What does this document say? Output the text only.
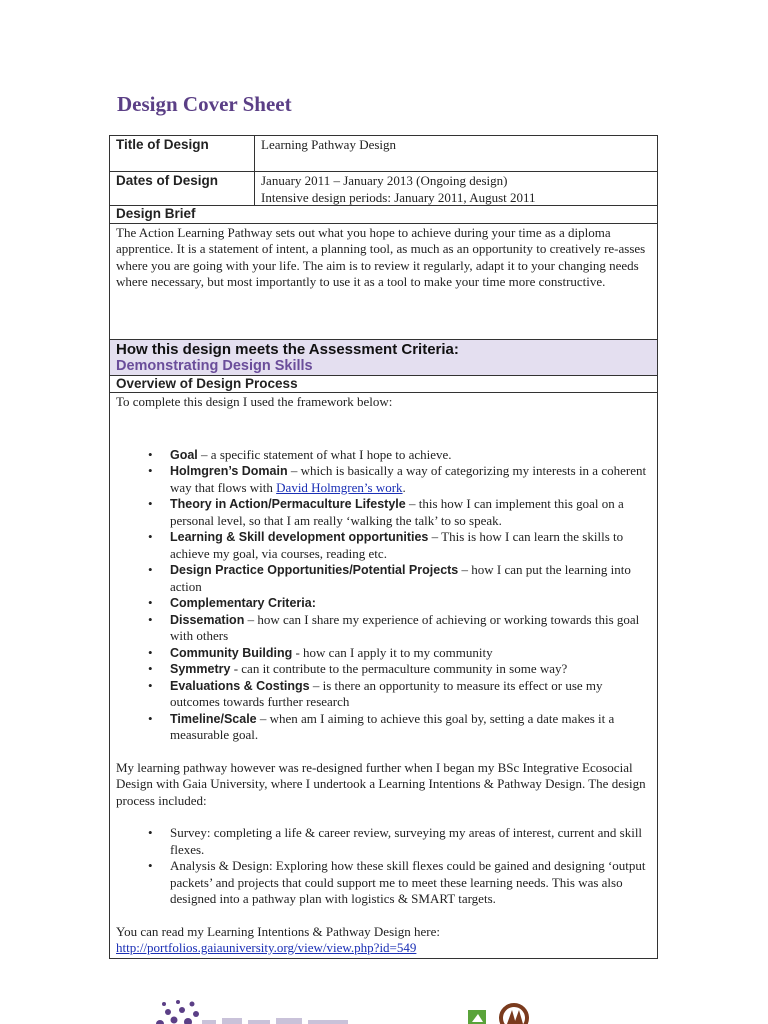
Design Cover Sheet
Title of Design	Learning Pathway Design
Dates of Design	January 2011 – January 2013 (Ongoing design)
Intensive design periods: January 2011, August 2011
Design Brief
The Action Learning Pathway sets out what you hope to achieve during your time as a diploma apprentice. It is a statement of intent, a planning tool, as much as an opportunity to creatively re-asses where you are going with your life. The aim is to review it regularly, adapt it to your changing needs where necessary, but most importantly to use it as a tool to make your time more constructive.
How this design meets the Assessment Criteria:
Demonstrating Design Skills
Overview of Design Process

To complete this design I used the framework below:

• Goal – a specific statement of what I hope to achieve.
• Holmgren’s Domain – which is basically a way of categorizing my interests in a coherent way that flows with David Holmgren’s work.
• Theory in Action/Permaculture Lifestyle – this how I can implement this goal on a personal level, so that I am really ‘walking the talk’ to so speak.
• Learning & Skill development opportunities – This is how I can learn the skills to achieve my goal, via courses, reading etc.
• Design Practice Opportunities/Potential Projects – how I can put the learning into action
• Complementary Criteria:
• Dissemation – how can I share my experience of achieving or working towards this goal with others
• Community Building - how can I apply it to my community
• Symmetry - can it contribute to the permaculture community in some way?
• Evaluations & Costings – is there an opportunity to measure its effect or use my outcomes towards further research
• Timeline/Scale – when am I aiming to achieve this goal by, setting a date makes it a measurable goal.

My learning pathway however was re-designed further when I began my BSc Integrative Ecosocial Design with Gaia University, where I undertook a Learning Intentions & Pathway Design. The design process included:

• Survey: completing a life & career review, surveying my areas of interest, current and skill flexes.
• Analysis & Design: Exploring how these skill flexes could be gained and designing ‘output packets’ and projects that could support me to meet these learning needs. This was also designed into a pathway plan with logistics & SMART targets.

You can read my Learning Intentions & Pathway Design here:

http://portfolios.gaiauniversity.org/view/view.php?id=549
